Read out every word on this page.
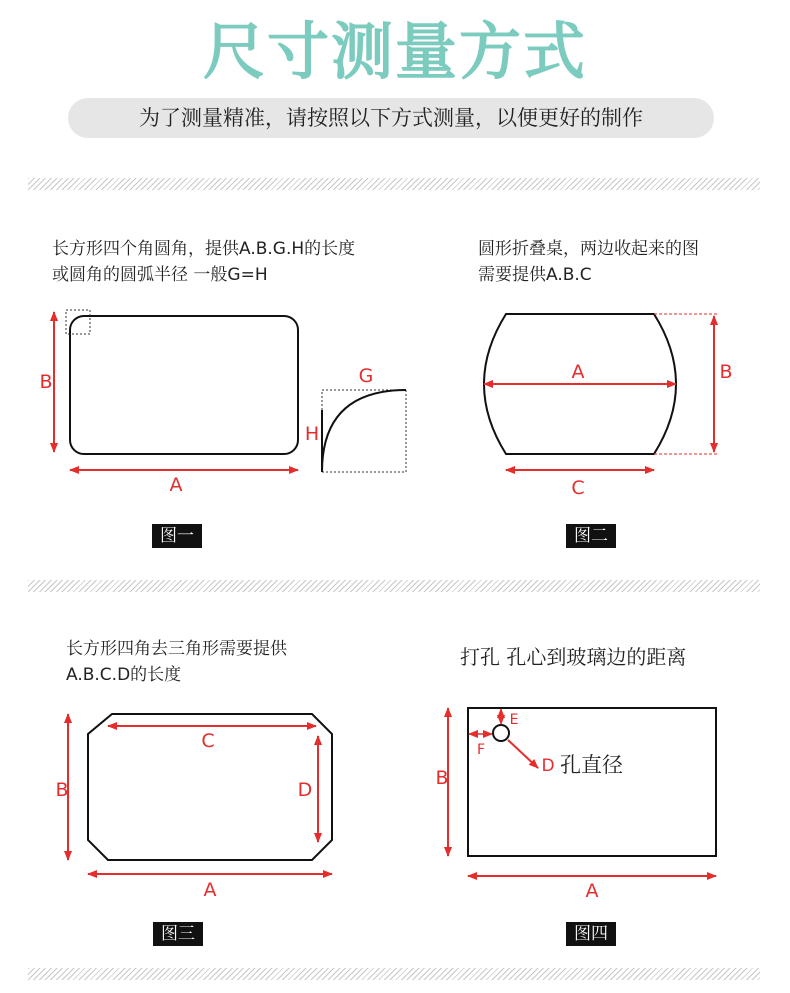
尺寸测量方式
为了测量精准，请按照以下方式测量，以便更好的制作
长方形四个角圆角，提供A.B.G.H的长度
或圆角的圆弧半径 一般G=H
B
A
G
H
图一
圆形折叠桌，两边收起来的图
需要提供A.B.C
A	B
C
图二
长方形四角去三角形需要提供
A.B.C.D的长度
B
C
D
A
图三
打孔 孔心到玻璃边的距离
E
F
D 孔直径
B
A
图四
